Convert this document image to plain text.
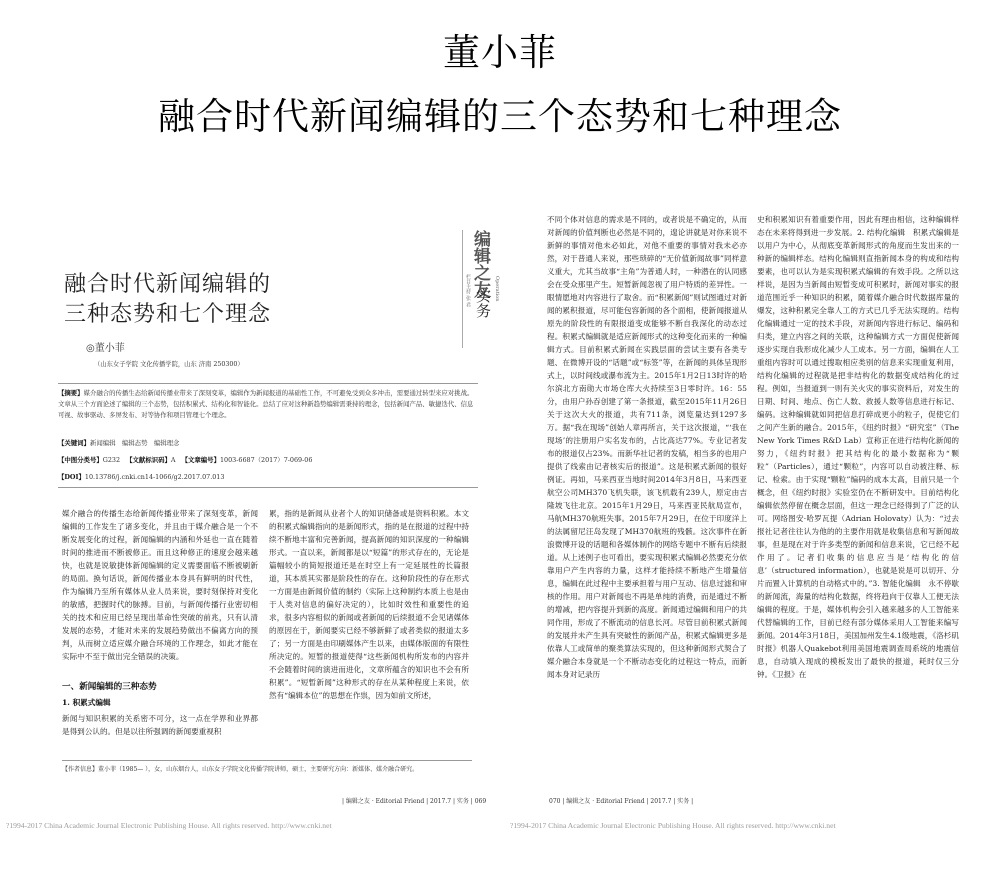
董小菲
融合时代新闻编辑的三个态势和七种理念
融合时代新闻编辑的
三种态势和七个理念
◎董小菲
（山东女子学院 文化传播学院，山东 济南 250300）
编辑之友
栏目主持 张 君 实务 Operation
【摘要】媒介融合的传播生态给新闻传播业带来了深刻变革，编辑作为新闻报道的基础性工作，不可避免受到众多冲击，需要通过转型来应对挑战。文章从三个方面论述了编辑的三个态势，包括积累式、结构化和智能化。总结了应对这种新趋势编辑需秉持的理念，包括新闻产品、敏捷迭代、信息可视、故事驱动、多屏发布、对等协作和项目管理七个理念。
【关键词】新闻编辑　编辑态势　编辑理念
【中图分类号】G232 【文献标识码】A 【文章编号】1003-6687（2017）7-069-06
【DOI】10.13786/j.cnki.cn14-1066/g2.2017.07.013
媒介融合的传播生态给新闻传播业带来了深刻变革，新闻编辑的工作发生了诸多变化，并且由于媒介融合是一个不断发展变化的过程，新闻编辑的内涵和外延也一直在随着时间的推进而不断被修正。而且这种修正的速度会越来越快，也就是说敏捷体新闻编辑的定义需要面临不断被刷新的局面。换句话说，新闻传播业本身具有鲜明的时代性，作为编辑乃至所有媒体从业人员来说，要时刻保持对变化的敏感，把握时代的脉搏。目前，与新闻传播行业密切相关的技术和应用已经呈现出革命性突破的前兆，只有认清发展的态势，才能对未来的发展趋势做出不偏离方向的预判，从而树立适应媒介融合环境的工作理念，如此才能在实际中不至于做出完全错误的决策。
一、新闻编辑的三种态势
1. 积累式编辑
新闻与知识积累的关系密不可分，这一点在学界和业界都是得到公认的。但是以往所强调的新闻要重视积
累，指的是新闻从业者个人的知识储备或是资料积累。本文的积累式编辑指向的是新闻形式，指的是在报道的过程中持续不断地丰富和完善新闻，提高新闻的知识深度的一种编辑形式。一直以来，新闻都是以“短篇”的形式存在的，无论是篇幅较小的简短报道还是在时空上有一定延展性的长篇报道，其本质其实都是阶段性的存在。这种阶段性的存在形式一方面是由新闻价值的制约（实际上这种制约本质上也是由于人类对信息的偏好决定的），比如时效性和重要性的追求，很多内容相似的新闻或者新闻的后续报道不会见诸媒体的原因在于，新闻要实已经不够新鲜了或者类似的报道太多了；另一方面是由印刷媒体产生以来，由媒体版面的有限性所决定的。短暂的报道使得“这些新闻机构所发布的内容并不会随着时间的演进而进化，文章所蕴含的知识也不会有所积累”。“短暂新闻”这种形式的存在从某种程度上来说，依然有“编辑本位”的思想在作祟，因为如前文所述，
【作者信息】董小菲（1985— ），女，山东烟台人，山东女子学院文化传播学院讲师，硕士，主要研究方向：新媒体、媒介融合研究。
| 编辑之友 · Editorial Friend | 2017.7 | 实务 | 069
不同个体对信息的需求是不同的，或者说是不确定的，从而对新闻的价值判断也必然是不同的，遑论讲就是对你来说不新鲜的事情对他未必如此，对他不重要的事情对我未必亦然，对于普通人来说，那些琐碎的“无价值新闻故事”同样意义重大，尤其当故事“主角”为普通人时，一种潜在的认同感会在受众那里产生。短暂新闻忽视了用户特质的差异性。一眼情愿地对内容进行了取舍。而“积累新闻”则试图通过对新闻的累积报道，尽可能包容新闻的各个面相，使新闻报道从原先的阶段性的有限报道变成能够不断自我深化的动态过程。积累式编辑就是适应新闻形式的这种变化而来的一种编辑方式。目前积累式新闻在实践层面的尝试主要有各类专题、在微博开设的“话题”或“标签”等，在新闻的具体呈现形式上，以时间线或瀑布流为主。2015年1月2日13时许的哈尔滨北方南勋大市场仓库大火持续至3日零时许。16：55分，由用户孙吞创建了第一条报道，截至2015年11月26日关于这次大火的报道，共有711条，浏览量达到1297多万。据“我在现场”创始人章再所言，关于这次报道，“‘我在现场’的注册用户实名发布的，占比高达77%。专业记者发布的报道仅占23%。而新华社记者的发稿，相当多的也用户提供了线索由记者核实后的报道”。这是积累式新闻的很好例证。再如，马来西亚当地时间2014年3月8日，马来西亚航空公司MH370飞机失联，该飞机载有239人，原定由吉隆坡飞往北京。2015年1月29日，马来西亚民航局宣布，马航MH370航班失事。2015年7月29日，在位于印度洋上的法属留尼汪岛发现了MH370航班的残骸。这次事件在新浪微博开设的话题和各媒体制作的网络专题中不断有后续报道。从上述例子也可看出，要实现积累式编辑必然要充分依靠用户产生内容的力量，这样才能持续不断地产生增量信息，编辑在此过程中主要承担着与用户互动、信息过滤和审核的作用。用户对新闻也不再是单纯的消费，而是通过不断的增减，把内容提升到新的高度。新闻通过编辑和用户的共同作用，形成了不断流动的信息长河。尽管目前积累式新闻的发展并未产生具有突破性的新闻产品，积累式编辑更多是依靠人工或简单的聚类算法实现的，但这种新闻形式契合了媒介融合本身就是一个不断动态变化的过程这一特点，而新闻本身对记录历
史和积累知识有着重要作用，因此有理由相信，这种编辑样态在未来将得到进一步发展。2. 结构化编辑　积累式编辑是以用户为中心，从彻底变革新闻形式的角度而生发出来的一种新的编辑样态。结构化编辑则直指新闻本身的构成和结构要素，也可以认为是实现积累式编辑的有效手段。之所以这样说，是因为当新闻由短暂变成可积累时，新闻对事实的报道范围近乎一种知识的积累，随着媒介融合时代数据库量的爆发，这种积累完全靠人工的方式已几乎无法实现的。结构化编辑通过一定的技术手段，对新闻内容进行标记、编码和归类，建立内容之间的关联，这种编辑方式一方面促使新闻逐步实现自我形成化减少人工成本。另一方面，编辑在人工重组内容时可以通过搜取相应类别的信息来实现重复利用，结构化编辑的过程就是把非结构化的数据变成结构化的过程。例如，当报道到一则有关火灾的事实资料后，对发生的日期、时间、地点、伤亡人数、救援人数等信息进行标记、编码。这种编辑就如同把信息打碎成更小的粒子，促使它们之间产生新的融合。2015年，《纽约时报》“研究室”（The New York Times R&D Lab）宣称正在进行结构化新闻的努力，《纽约时报》把其结构化的最小数据称为“颗粒”（Particles），通过“颗粒”，内容可以自动被注释、标记、检索。由于实现“颗粒”编码的成本太高，目前只是一个概念，但《纽约时报》实验室仍在不断研发中。目前结构化编辑依然停留在概念层面，但这一理念已经得到了广泛的认可。网络图安·哈罗瓦提（Adrian Holovaty）认为：“过去报社记者往往认为他的的主要作用就是收集信息和写新闻故事，但是现在对于许多类型的新闻和信息来说，它已经不起作用了。记者们收集的信息应当是‘结构化的信息’（structured information），也就是说是可以切开、分片而置入计算机的自动格式中的。”3. 智能化编辑　永不停歇的新闻流，海量的结构化数据，终将趋向于仅靠人工便无法编辑的程度。于是，媒体机构会引入越来越多的人工智能来代替编辑的工作，目前已经有部分媒体采用人工智能来编写新闻。2014年3月18日，美国加州发生4.1级地震，《洛杉矶时报》机器人Quakebot利用美国地震调查局系统的地震信息，自动填入现成的模板发出了最快的报道，耗时仅三分钟。《卫报》在
070 | 编辑之友 · Editorial Friend | 2017.7 | 实务 |
?1994-2017 China Academic Journal Electronic Publishing House. All rights reserved. http://www.cnki.net	?1994-2017 China Academic Journal Electronic Publishing House. All rights reserved. http://www.cnki.net
